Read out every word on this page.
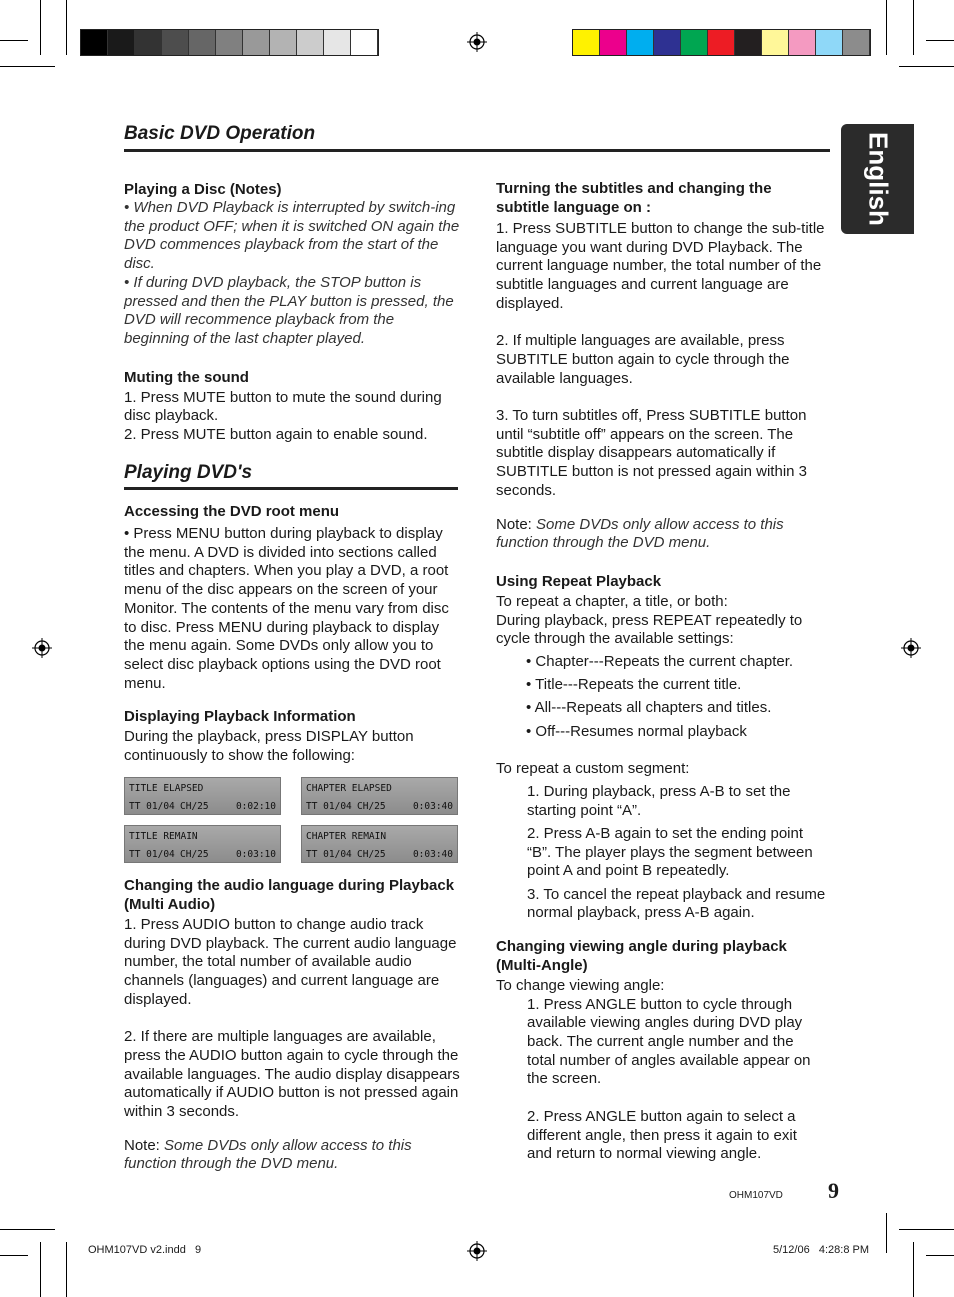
English
Basic DVD Operation

Playing a Disc (Notes)

• When DVD Playback is interrupted by switch-ing the product OFF; when it is switched ON again the DVD commences playback from the start of the disc.
• If during DVD playback, the STOP button is pressed and then the PLAY button is pressed, the DVD will recommence playback from the beginning of the last chapter played.

Muting the sound

1. Press MUTE button to mute the sound during disc playback.
2. Press MUTE button again to enable sound.

Playing DVD's

Accessing the DVD root menu

• Press MENU button during playback to display the menu. A DVD is divided into sections called titles and chapters. When you play a DVD, a root menu of the disc appears on the screen of your Monitor. The contents of the menu vary from disc to disc. Press MENU during playback to display the menu again. Some DVDs only allow you to select disc playback options using the DVD root menu.

Displaying Playback Information

During the playback, press DISPLAY button continuously to show the following:

TITLE ELAPSED
TT 01/04 CH/25	0:02:10
CHAPTER ELAPSED
TT 01/04 CH/25	0:03:40
TITLE REMAIN
TT 01/04 CH/25	0:03:10
CHAPTER REMAIN
TT 01/04 CH/25	0:03:40

Changing the audio language during Playback (Multi Audio)

1. Press AUDIO button to change audio track during DVD playback. The current audio language number, the total number of available audio channels (languages) and current language are displayed.

2. If there are multiple languages are available, press the AUDIO button again to cycle through the available languages. The audio display disappears automatically if AUDIO button is not pressed again within 3 seconds.

Note: Some DVDs only allow access to this function through the DVD menu.

Turning the subtitles and changing the subtitle language on :

1. Press SUBTITLE button to change the sub-title language you want during DVD Playback. The current language number, the total number of the subtitle languages and current language are displayed.

2. If multiple languages are available, press SUBTITLE button again to cycle through the available languages.

3. To turn subtitles off, Press SUBTITLE button until “subtitle off” appears on the screen. The subtitle display disappears automatically if SUBTITLE button is not pressed again within 3 seconds.

Note: Some DVDs only allow access to this function through the DVD menu.

Using Repeat Playback

To repeat a chapter, a title, or both:
During playback, press REPEAT repeatedly to cycle through the available settings:

• Chapter---Repeats the current chapter.

• Title---Repeats the current title.

• All---Repeats all chapters and titles.

• Off---Resumes normal playback

To repeat a custom segment:

1. During playback, press A-B to set the starting point “A”.

2. Press A-B again to set the ending point “B”. The player plays the segment between point A and point B repeatedly.

3. To cancel the repeat playback and resume normal playback, press A-B again.

Changing viewing angle during playback (Multi-Angle)

To change viewing angle:

1. Press ANGLE button to cycle through available viewing angles during DVD play back. The current angle number and the total number of angles available appear on the screen.

2. Press ANGLE button again to select a different angle, then press it again to exit and return to normal viewing angle.

OHM107VD 9
OHM107VD v2.indd   9	5/12/06   4:28:8 PM
